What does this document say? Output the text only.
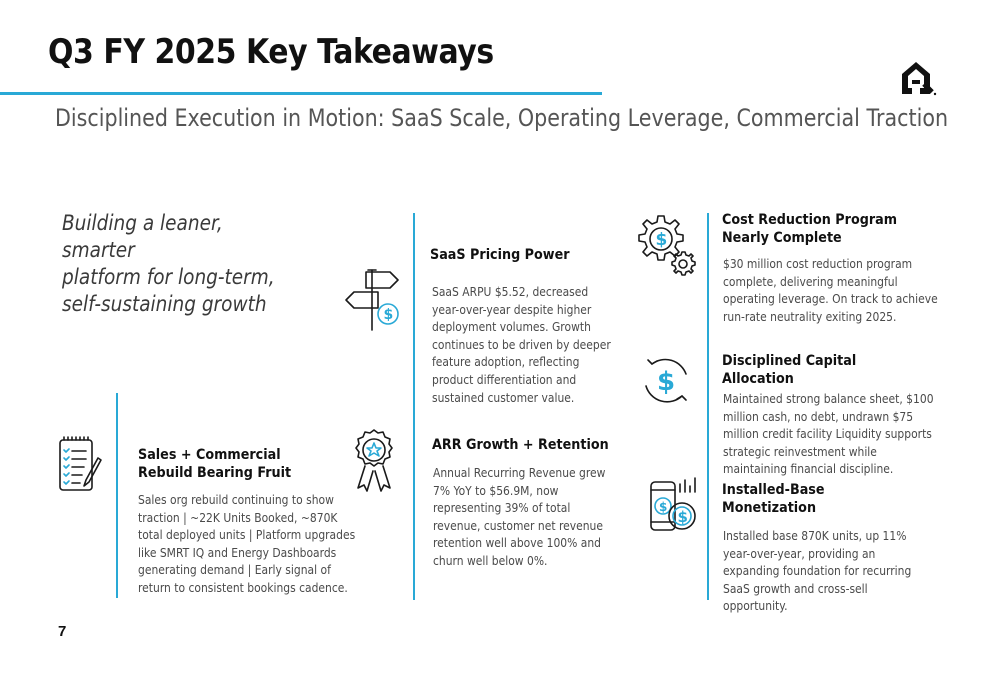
Q3 FY 2025 Key Takeaways
Disciplined Execution in Motion: SaaS Scale, Operating Leverage, Commercial Traction
Building a leaner, smarter
platform for long-term,
self-sustaining growth
Sales + Commercial
Rebuild Bearing Fruit
Sales org rebuild continuing to show
traction | ~22K Units Booked, ~870K
total deployed units | Platform upgrades
like SMRT IQ and Energy Dashboards
generating demand | Early signal of
return to consistent bookings cadence.
$
SaaS Pricing Power
SaaS ARPU $5.52, decreased
year-over-year despite higher
deployment volumes. Growth
continues to be driven by deeper
feature adoption, reflecting
product differentiation and
sustained customer value.
ARR Growth + Retention
Annual Recurring Revenue grew
7% YoY to $56.9M, now
representing 39% of total
revenue, customer net revenue
retention well above 100% and
churn well below 0%.
$
Cost Reduction Program
Nearly Complete
$30 million cost reduction program
complete, delivering meaningful
operating leverage. On track to achieve
run-rate neutrality exiting 2025.
$
Disciplined Capital
Allocation
Maintained strong balance sheet, $100
million cash, no debt, undrawn $75
million credit facility Liquidity supports
strategic reinvestment while
maintaining financial discipline.
$
$
Installed-Base
Monetization
Installed base 870K units, up 11%
year-over-year, providing an
expanding foundation for recurring
SaaS growth and cross-sell
opportunity.
7
